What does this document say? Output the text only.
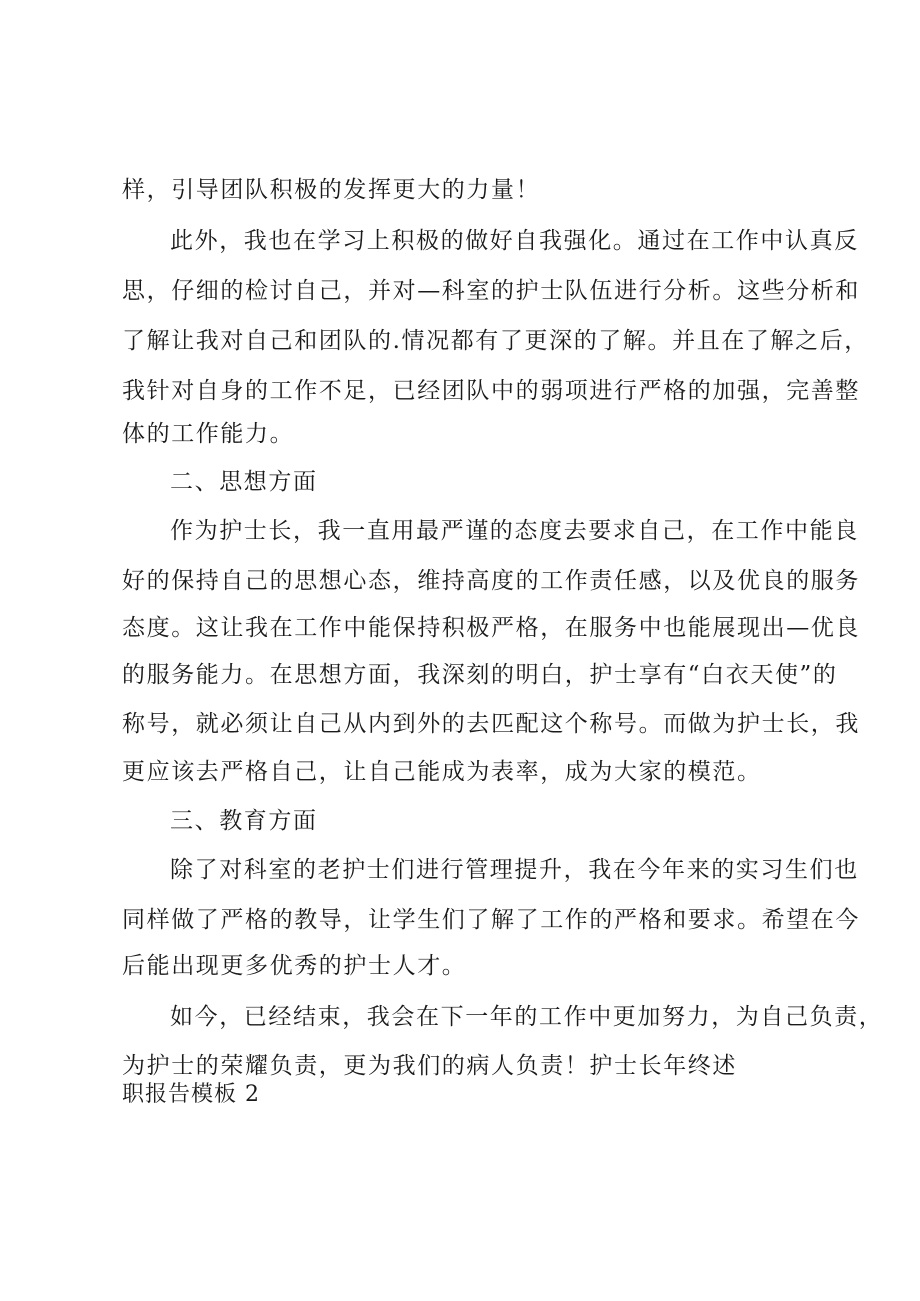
样，引导团队积极的发挥更大的力量！
此外，我也在学习上积极的做好自我强化。通过在工作中认真反
思，仔细的检讨自己，并对—科室的护士队伍进行分析。这些分析和
了解让我对自己和团队的.情况都有了更深的了解。并且在了解之后，
我针对自身的工作不足，已经团队中的弱项进行严格的加强，完善整
体的工作能力。
二、思想方面
作为护士长，我一直用最严谨的态度去要求自己，在工作中能良
好的保持自己的思想心态，维持高度的工作责任感，以及优良的服务
态度。这让我在工作中能保持积极严格，在服务中也能展现出—优良
的服务能力。在思想方面，我深刻的明白，护士享有“白衣天使”的
称号，就必须让自己从内到外的去匹配这个称号。而做为护士长，我
更应该去严格自己，让自己能成为表率，成为大家的模范。
三、教育方面
除了对科室的老护士们进行管理提升，我在今年来的实习生们也
同样做了严格的教导，让学生们了解了工作的严格和要求。希望在今
后能出现更多优秀的护士人才。
如今，已经结束，我会在下一年的工作中更加努力，为自己负责，
为护士的荣耀负责，更为我们的病人负责！护士长年终述
职报告模板 2
